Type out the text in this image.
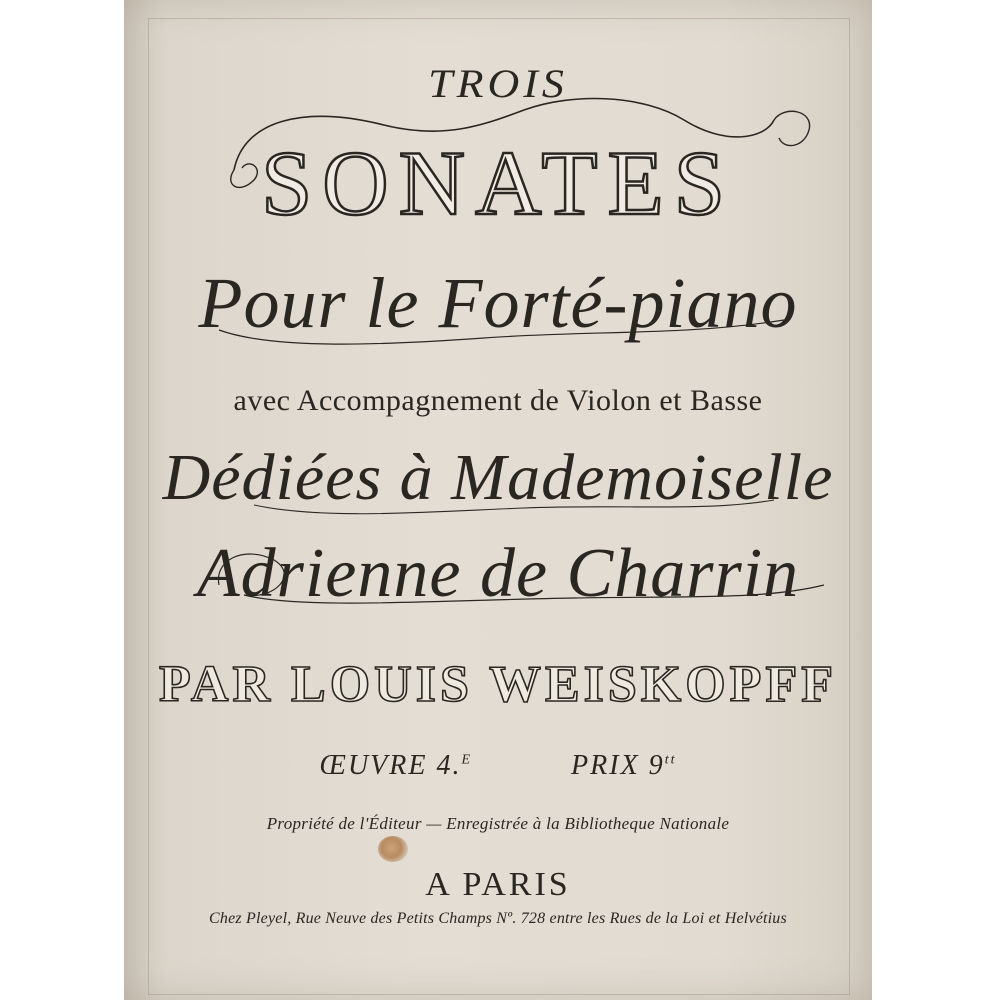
TROIS
SONATES
Pour le Forté-piano
avec Accompagnement de Violon et Basse
Dédiées à Mademoiselle
Adrienne de Charrin
PAR LOUIS WEISKOPFF
ŒUVRE 4.$^E$	PRIX $9^{tt}$
Propriété de l'Éditeur — Enregistrée à la Bibliotheque Nationale
A PARIS
Chez Pleyel, Rue Neuve des Petits Champs Nº. 728 entre les Rues de la Loi et Helvétius
